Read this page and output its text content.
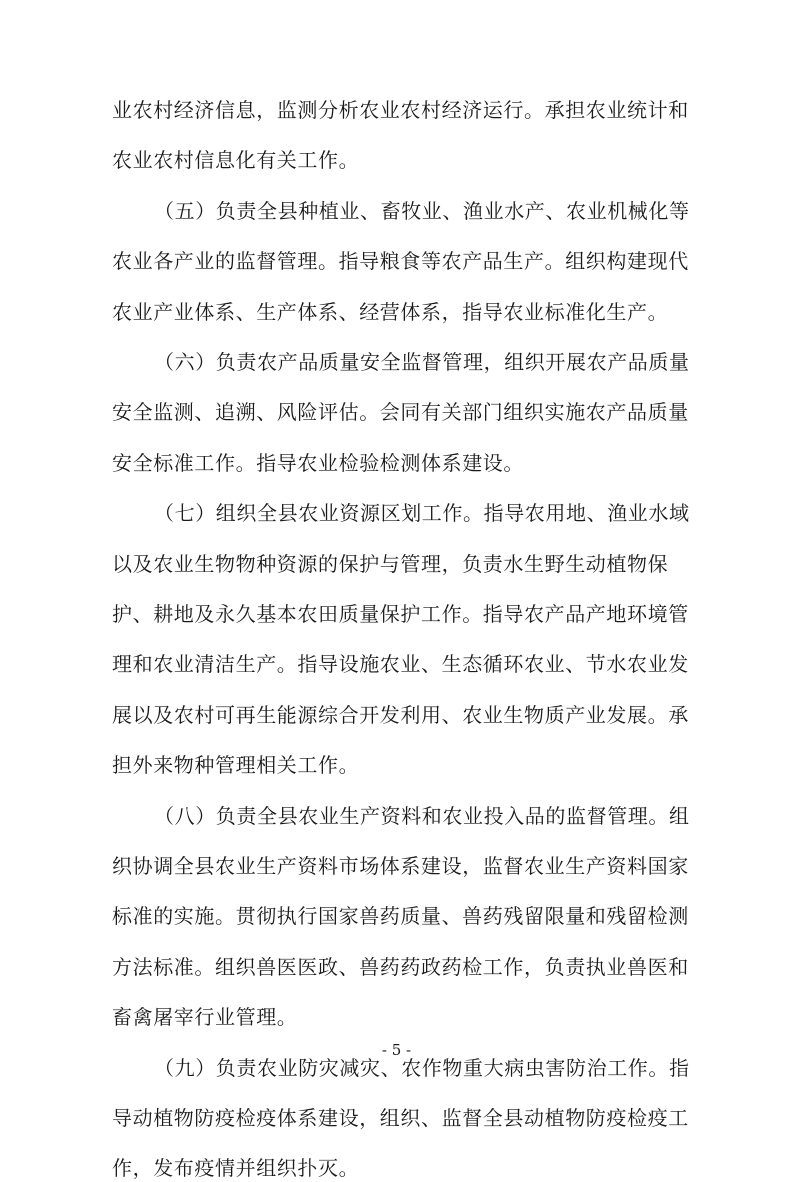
业农村经济信息，监测分析农业农村经济运行。承担农业统计和
农业农村信息化有关工作。
（五）负责全县种植业、畜牧业、渔业水产、农业机械化等
农业各产业的监督管理。指导粮食等农产品生产。组织构建现代
农业产业体系、生产体系、经营体系，指导农业标准化生产。
（六）负责农产品质量安全监督管理，组织开展农产品质量
安全监测、追溯、风险评估。会同有关部门组织实施农产品质量
安全标准工作。指导农业检验检测体系建设。
（七）组织全县农业资源区划工作。指导农用地、渔业水域
以及农业生物物种资源的保护与管理，负责水生野生动植物保
护、耕地及永久基本农田质量保护工作。指导农产品产地环境管
理和农业清洁生产。指导设施农业、生态循环农业、节水农业发
展以及农村可再生能源综合开发利用、农业生物质产业发展。承
担外来物种管理相关工作。
（八）负责全县农业生产资料和农业投入品的监督管理。组
织协调全县农业生产资料市场体系建设，监督农业生产资料国家
标准的实施。贯彻执行国家兽药质量、兽药残留限量和残留检测
方法标准。组织兽医医政、兽药药政药检工作，负责执业兽医和
畜禽屠宰行业管理。
（九）负责农业防灾减灾、农作物重大病虫害防治工作。指
导动植物防疫检疫体系建设，组织、监督全县动植物防疫检疫工
作，发布疫情并组织扑灭。
- 5 -
